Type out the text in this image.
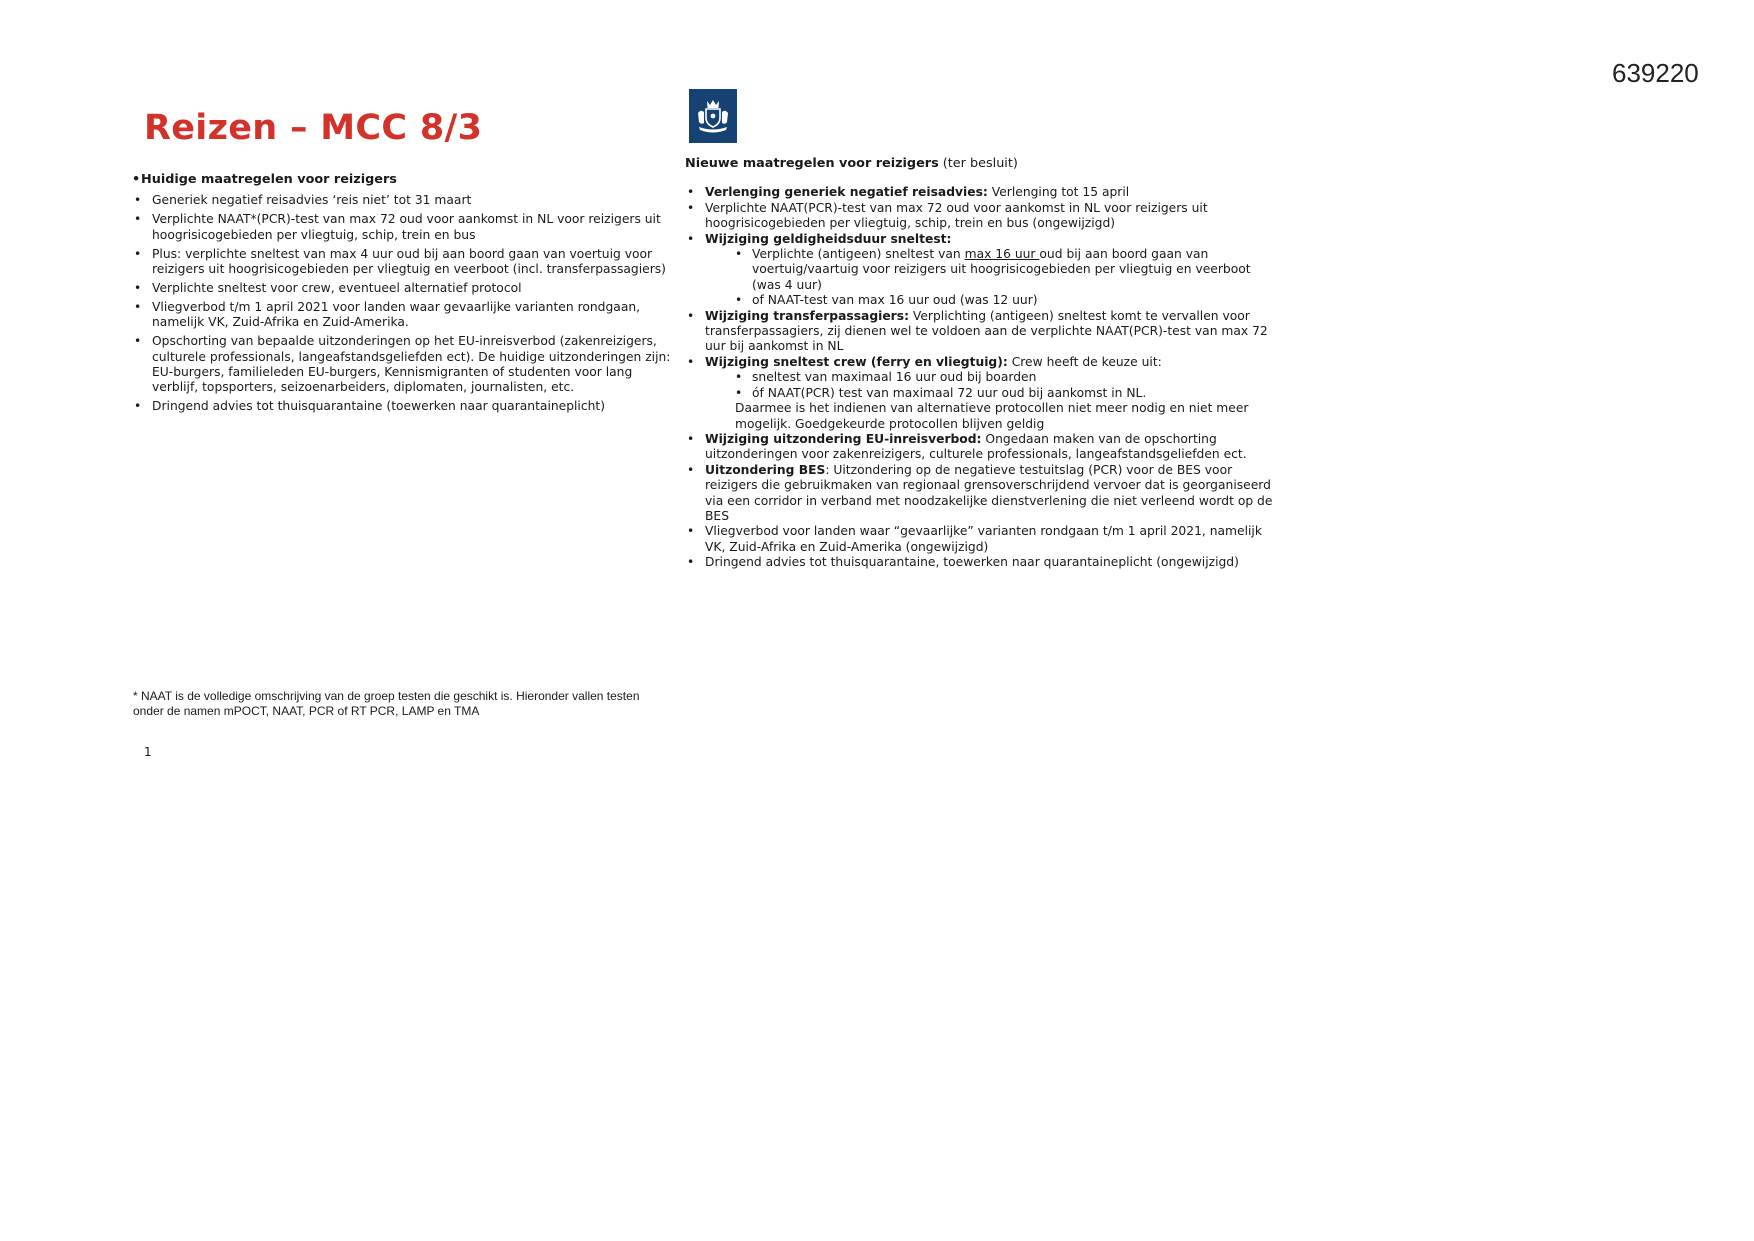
639220
Reizen – MCC 8/3
•Huidige maatregelen voor reizigers
• Generiek negatief reisadvies ‘reis niet’ tot 31 maart
• Verplichte NAAT*(PCR)-test van max 72 oud voor aankomst in NL voor reizigers uit hoogrisicogebieden per vliegtuig, schip, trein en bus
• Plus: verplichte sneltest van max 4 uur oud bij aan boord gaan van voertuig voor reizigers uit hoogrisicogebieden per vliegtuig en veerboot (incl. transferpassagiers)
• Verplichte sneltest voor crew, eventueel alternatief protocol
• Vliegverbod t/m 1 april 2021 voor landen waar gevaarlijke varianten rondgaan, namelijk VK, Zuid-Afrika en Zuid-Amerika.
• Opschorting van bepaalde uitzonderingen op het EU-inreisverbod (zakenreizigers, culturele professionals, langeafstandsgeliefden ect). De huidige uitzonderingen zijn: EU-burgers, familieleden EU-burgers, Kennismigranten of studenten voor lang verblijf, topsporters, seizoenarbeiders, diplomaten, journalisten, etc.
• Dringend advies tot thuisquarantaine (toewerken naar quarantaineplicht)
Nieuwe maatregelen voor reizigers (ter besluit)
• Verlenging generiek negatief reisadvies: Verlenging tot 15 april
• Verplichte NAAT(PCR)-test van max 72 oud voor aankomst in NL voor reizigers uit hoogrisicogebieden per vliegtuig, schip, trein en bus (ongewijzigd)
• Wijziging geldigheidsduur sneltest:
• Verplichte (antigeen) sneltest van max 16 uur oud bij aan boord gaan van voertuig/vaartuig voor reizigers uit hoogrisicogebieden per vliegtuig en veerboot (was 4 uur)
• of NAAT-test van max 16 uur oud (was 12 uur)
• Wijziging transferpassagiers: Verplichting (antigeen) sneltest komt te vervallen voor transferpassagiers, zij dienen wel te voldoen aan de verplichte NAAT(PCR)-test van max 72 uur bij aankomst in NL
• Wijziging sneltest crew (ferry en vliegtuig): Crew heeft de keuze uit:
• sneltest van maximaal 16 uur oud bij boarden
• óf NAAT(PCR) test van maximaal 72 uur oud bij aankomst in NL.
Daarmee is het indienen van alternatieve protocollen niet meer nodig en niet meer mogelijk. Goedgekeurde protocollen blijven geldig
• Wijziging uitzondering EU-inreisverbod: Ongedaan maken van de opschorting uitzonderingen voor zakenreizigers, culturele professionals, langeafstandsgeliefden ect.
• Uitzondering BES: Uitzondering op de negatieve testuitslag (PCR) voor de BES voor reizigers die gebruikmaken van regionaal grensoverschrijdend vervoer dat is georganiseerd via een corridor in verband met noodzakelijke dienstverlening die niet verleend wordt op de BES
• Vliegverbod voor landen waar “gevaarlijke” varianten rondgaan t/m 1 april 2021, namelijk VK, Zuid-Afrika en Zuid-Amerika (ongewijzigd)
• Dringend advies tot thuisquarantaine, toewerken naar quarantaineplicht (ongewijzigd)
* NAAT is de volledige omschrijving van de groep testen die geschikt is. Hieronder vallen testen onder de namen mPOCT, NAAT, PCR of RT PCR, LAMP en TMA
1
